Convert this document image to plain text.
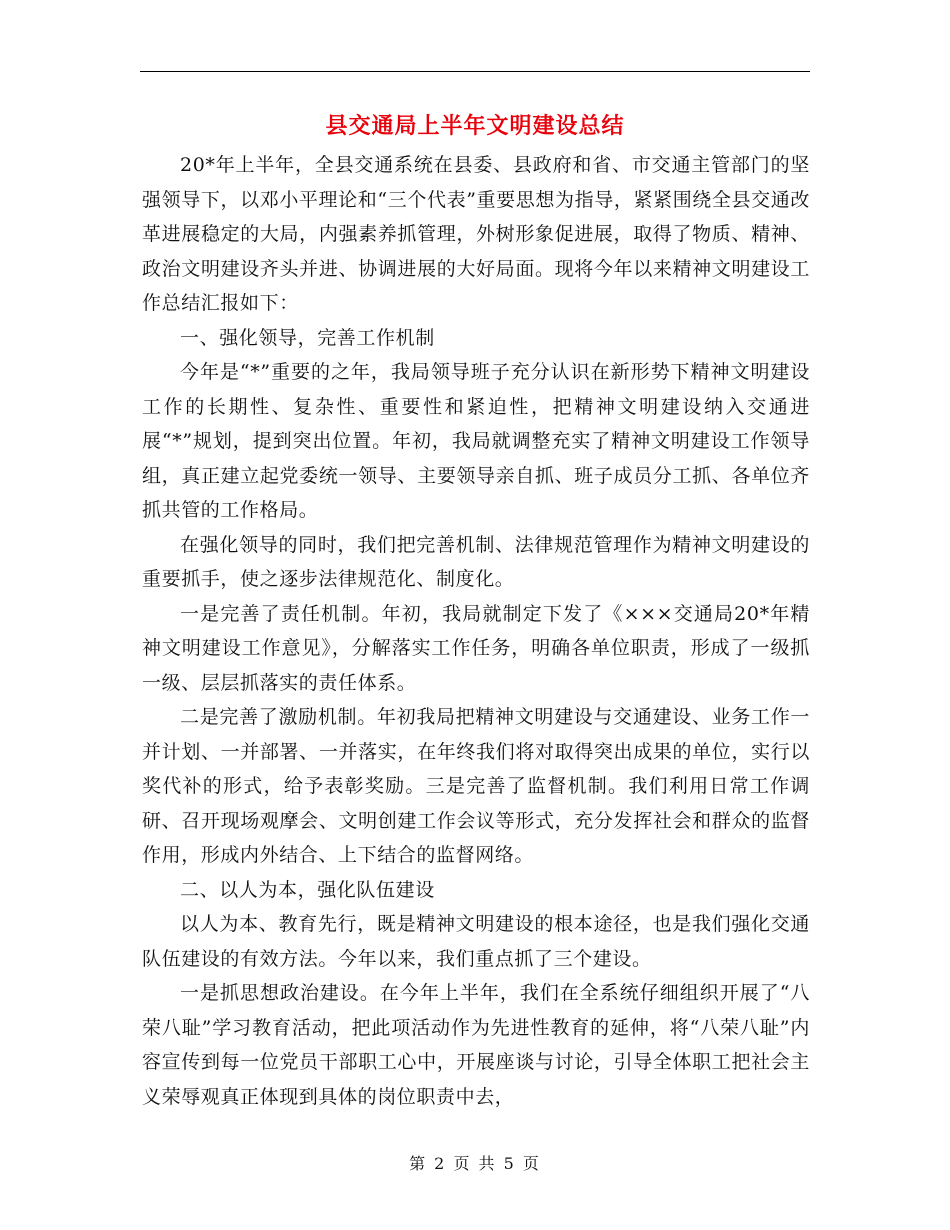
县交通局上半年文明建设总结

20*年上半年，全县交通系统在县委、县政府和省、市交通主管部门的坚强领导下，以邓小平理论和“三个代表”重要思想为指导，紧紧围绕全县交通改革进展稳定的大局，内强素养抓管理，外树形象促进展，取得了物质、精神、政治文明建设齐头并进、协调进展的大好局面。现将今年以来精神文明建设工作总结汇报如下：

一、强化领导，完善工作机制

今年是“*”重要的之年，我局领导班子充分认识在新形势下精神文明建设工作的长期性、复杂性、重要性和紧迫性，把精神文明建设纳入交通进展“*”规划，提到突出位置。年初，我局就调整充实了精神文明建设工作领导组，真正建立起党委统一领导、主要领导亲自抓、班子成员分工抓、各单位齐抓共管的工作格局。

在强化领导的同时，我们把完善机制、法律规范管理作为精神文明建设的重要抓手，使之逐步法律规范化、制度化。

一是完善了责任机制。年初，我局就制定下发了《×××交通局20*年精神文明建设工作意见》，分解落实工作任务，明确各单位职责，形成了一级抓一级、层层抓落实的责任体系。

二是完善了激励机制。年初我局把精神文明建设与交通建设、业务工作一并计划、一并部署、一并落实，在年终我们将对取得突出成果的单位，实行以奖代补的形式，给予表彰奖励。三是完善了监督机制。我们利用日常工作调研、召开现场观摩会、文明创建工作会议等形式，充分发挥社会和群众的监督作用，形成内外结合、上下结合的监督网络。

二、以人为本，强化队伍建设

以人为本、教育先行，既是精神文明建设的根本途径，也是我们强化交通队伍建设的有效方法。今年以来，我们重点抓了三个建设。

一是抓思想政治建设。在今年上半年，我们在全系统仔细组织开展了“八荣八耻”学习教育活动，把此项活动作为先进性教育的延伸，将“八荣八耻”内容宣传到每一位党员干部职工心中，开展座谈与讨论，引导全体职工把社会主义荣辱观真正体现到具体的岗位职责中去，

第 2 页 共 5 页
